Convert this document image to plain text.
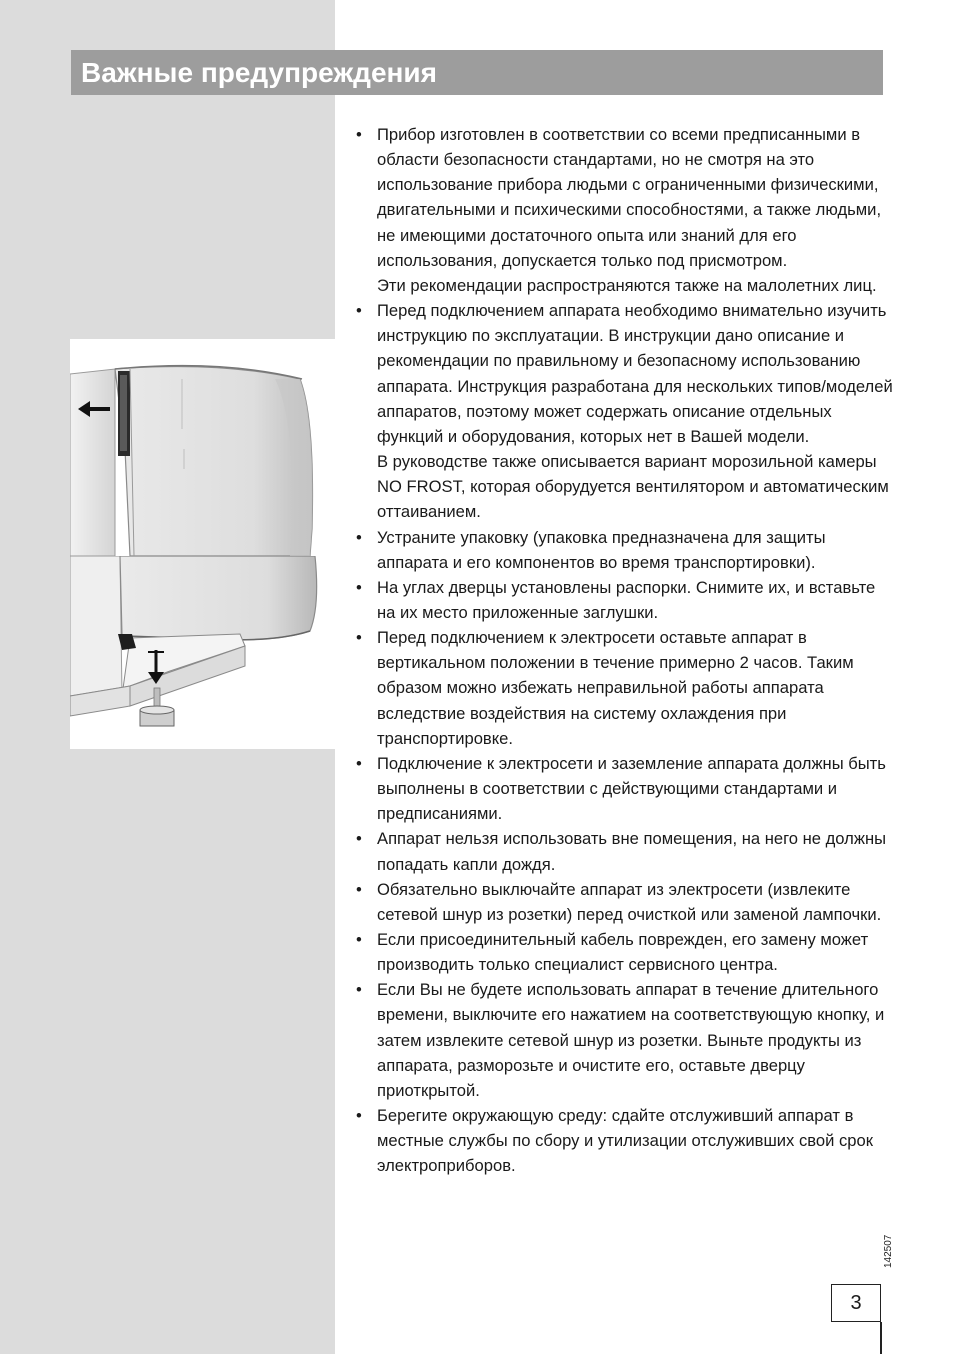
Важные предупреждения
• Прибор изготовлен в соответствии со всеми предписанными в области безопасности стандартами, но не смотря на это использование прибора людьми с ограниченными физическими, двигательными и психическими способностями, а также людьми, не имеющими достаточного опыта или знаний для его использования, допускается только под присмотром.

Эти рекомендации распространяются также на малолетних лиц.

• Перед подключением аппарата необходимо внимательно изучить инструкцию по эксплуатации. В инструкции дано описание и рекомендации по правильному и безопасному использованию аппарата. Инструкция разработана для нескольких типов/моделей аппаратов, поэтому может содержать описание отдельных функций и оборудования, которых нет в Вашей модели.

В руководстве также описывается вариант морозильной камеры NO FROST, которая оборудуется вентилятором и автоматическим оттаиванием.

• Устраните упаковку (упаковка предназначена для защиты аппарата и его компонентов во время транспортировки).

• На углах дверцы установлены распорки. Снимите их, и вставьте на их место приложенные заглушки.

• Перед подключением к электросети оставьте аппарат в вертикальном положении в течение примерно 2 часов. Таким образом можно избежать неправильной работы аппарата вследствие воздействия на систему охлаждения при транспортировке.

• Подключение к электросети и заземление аппарата должны быть выполнены в соответствии с действующими стандартами и предписаниями.

• Аппарат нельзя использовать вне помещения, на него не должны попадать капли дождя.

• Обязательно выключайте аппарат из электросети (извлеките сетевой шнур из розетки) перед очисткой или заменой лампочки.

• Если присоединительный кабель поврежден, его замену может производить только специалист сервисного центра.

• Если Вы не будете использовать аппарат в течение длительного времени, выключите его нажатием на соответствующую кнопку, и затем извлеките сетевой шнур из розетки. Выньте продукты из аппарата, разморозьте и очистите его, оставьте дверцу приоткрытой.

• Берегите окружающую среду: сдайте отслуживший аппарат в местные службы по сбору и утилизации отслуживших свой срок электроприборов.

142507
3
